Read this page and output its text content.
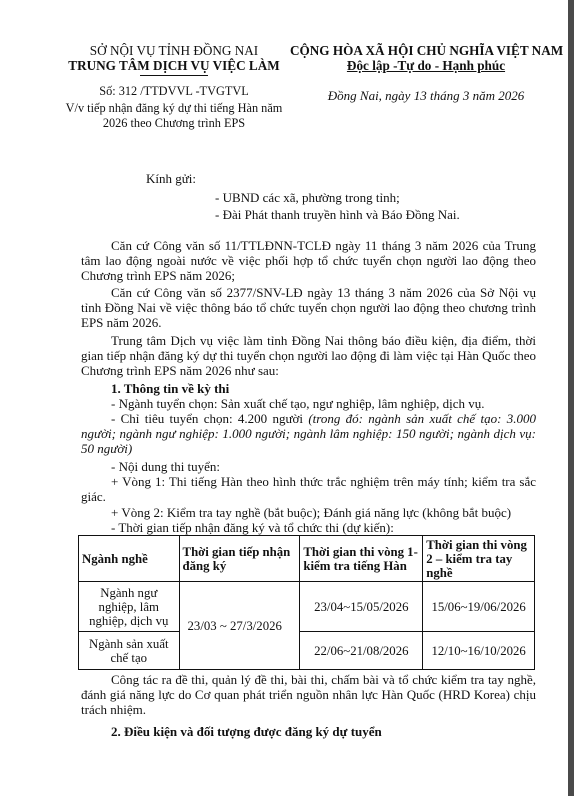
SỞ NỘI VỤ TỈNH ĐỒNG NAI
TRUNG TÂM DỊCH VỤ VIỆC LÀM
Số: 312 /TTDVVL -TVGTVL
V/v tiếp nhận đăng ký dự thi tiếng Hàn năm
2026 theo Chương trình EPS
CỘNG HÒA XÃ HỘI CHỦ NGHĨA VIỆT NAM
Độc lập -Tự do - Hạnh phúc
Đồng Nai, ngày 13 tháng 3 năm 2026
Kính gửi:
- UBND các xã, phường trong tỉnh;
- Đài Phát thanh truyền hình và Báo Đồng Nai.
Căn cứ Công văn số 11/TTLĐNN-TCLĐ ngày 11 tháng 3 năm 2026 của Trung tâm lao động ngoài nước về việc phối hợp tổ chức tuyển chọn người lao động theo Chương trình EPS năm 2026;
Căn cứ Công văn số 2377/SNV-LĐ ngày 13 tháng 3 năm 2026 của Sở Nội vụ tỉnh Đồng Nai về việc thông báo tổ chức tuyển chọn người lao động theo chương trình EPS năm 2026.
Trung tâm Dịch vụ việc làm tỉnh Đồng Nai thông báo điều kiện, địa điểm, thời gian tiếp nhận đăng ký dự thi tuyển chọn người lao động đi làm việc tại Hàn Quốc theo Chương trình EPS năm 2026 như sau:
1. Thông tin về kỳ thi
- Ngành tuyển chọn: Sản xuất chế tạo, ngư nghiệp, lâm nghiệp, dịch vụ.
- Chỉ tiêu tuyển chọn: 4.200 người (trong đó: ngành sản xuất chế tạo: 3.000 người; ngành ngư nghiệp: 1.000 người; ngành lâm nghiệp: 150 người; ngành dịch vụ: 50 người)
- Nội dung thi tuyển:
+ Vòng 1: Thi tiếng Hàn theo hình thức trắc nghiệm trên máy tính; kiểm tra sắc giác.
+ Vòng 2: Kiểm tra tay nghề (bắt buộc); Đánh giá năng lực (không bắt buộc)
- Thời gian tiếp nhận đăng ký và tổ chức thi (dự kiến):
Ngành nghề	Thời gian tiếp nhận đăng ký	Thời gian thi vòng 1- kiểm tra tiếng Hàn	Thời gian thi vòng 2 – kiểm tra tay nghề
Ngành ngư nghiệp, lâm nghiệp, dịch vụ	23/03 ~ 27/3/2026	23/04~15/05/2026	15/06~19/06/2026
Ngành sản xuất chế tạo		22/06~21/08/2026	12/10~16/10/2026
Công tác ra đề thi, quản lý đề thi, bài thi, chấm bài và tổ chức kiểm tra tay nghề, đánh giá năng lực do Cơ quan phát triển nguồn nhân lực Hàn Quốc (HRD Korea) chịu trách nhiệm.
2. Điều kiện và đối tượng được đăng ký dự tuyển
